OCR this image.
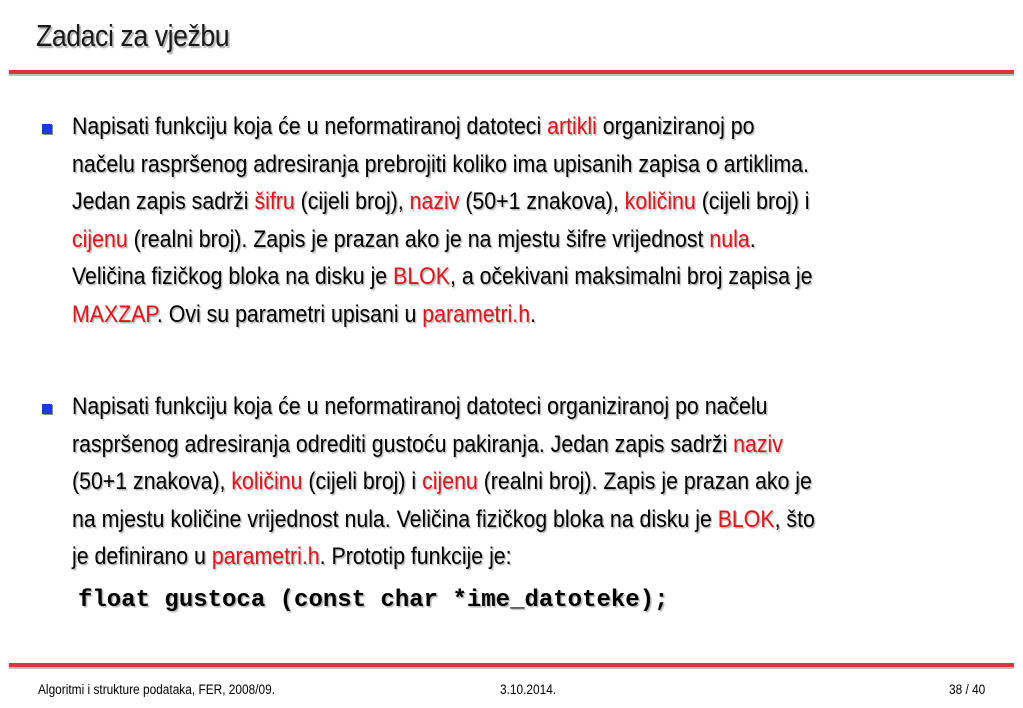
Zadaci za vježbu
Napisati funkciju koja će u neformatiranoj datoteci artikli organiziranoj po
načelu raspršenog adresiranja prebrojiti koliko ima upisanih zapisa o artiklima.
Jedan zapis sadrži šifru (cijeli broj), naziv (50+1 znakova), količinu (cijeli broj) i
cijenu (realni broj). Zapis je prazan ako je na mjestu šifre vrijednost nula.
Veličina fizičkog bloka na disku je BLOK, a očekivani maksimalni broj zapisa je
MAXZAP. Ovi su parametri upisani u parametri.h.
Napisati funkciju koja će u neformatiranoj datoteci organiziranoj po načelu
raspršenog adresiranja odrediti gustoću pakiranja. Jedan zapis sadrži naziv
(50+1 znakova), količinu (cijeli broj) i cijenu (realni broj). Zapis je prazan ako je
na mjestu količine vrijednost nula. Veličina fizičkog bloka na disku je BLOK, što
je definirano u parametri.h. Prototip funkcije je:
float gustoca (const char *ime_datoteke);
Algoritmi i strukture podataka, FER, 2008/09.	3.10.2014.	38 / 40
